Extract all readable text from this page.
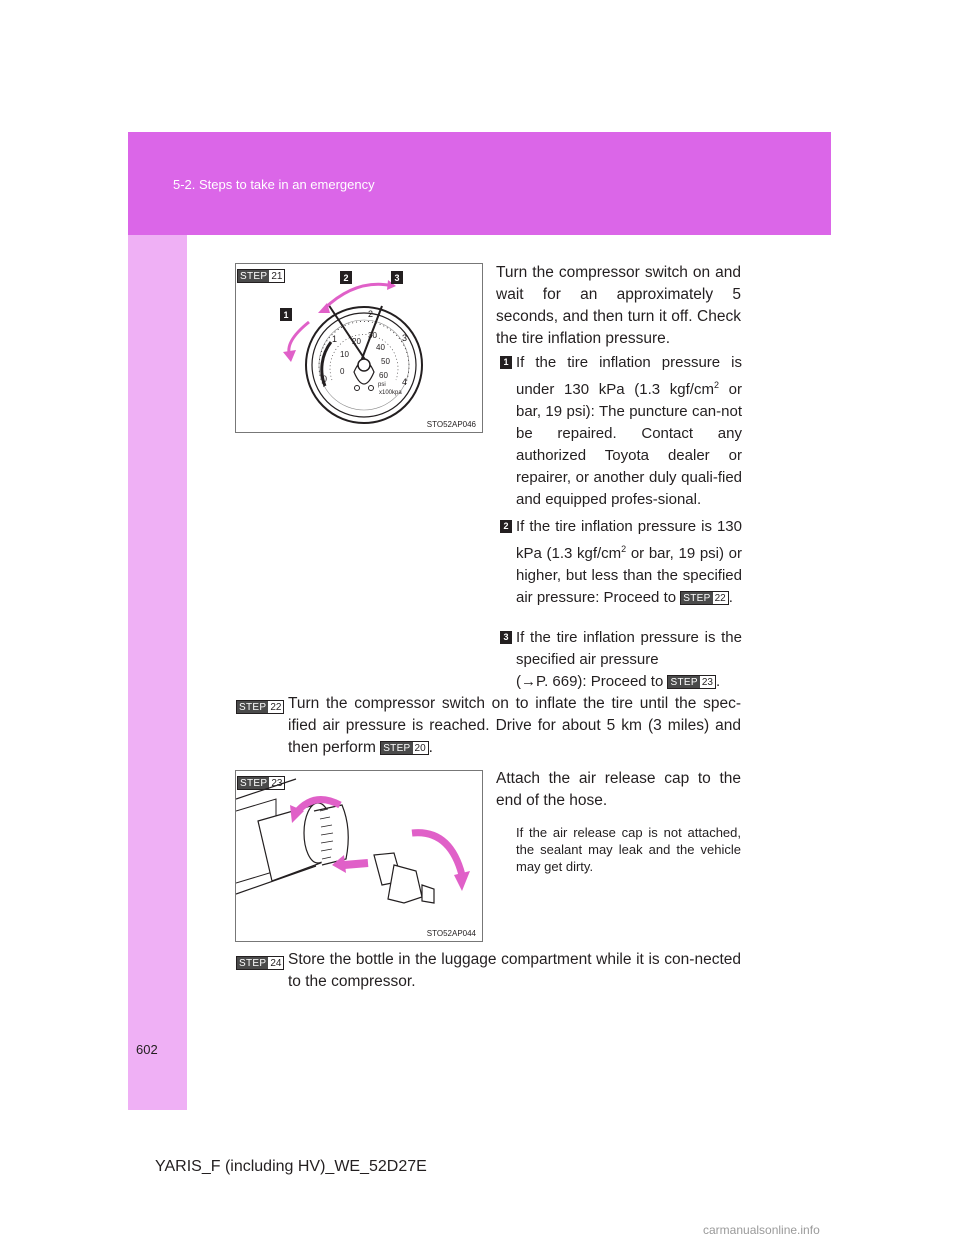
5-2. Steps to take in an emergency
STEP 21
0
1
2
3
4
0
10
20
30
40
50
60
psi
x100kpa
1
2	3
STO52AP046
Turn the compressor switch on and wait for an approximately 5 seconds, and then turn it off. Check the tire inflation pressure.
1 If the tire inflation pressure is under 130 kPa (1.3 kgf/$cm^2$ or bar, 19 psi): The puncture can-not be repaired. Contact any authorized Toyota dealer or repairer, or another duly quali-fied and equipped profes-sional.
2 If the tire inflation pressure is 130 kPa (1.3 kgf/$cm^2$ or bar, 19 psi) or higher, but less than the specified air pressure: Proceed to STEP 22 .
3 If the tire inflation pressure is the specified air pressure
(→P. 669): Proceed to STEP 23 .
STEP 22 Turn the compressor switch on to inflate the tire until the spec-ified air pressure is reached. Drive for about 5 km (3 miles) and then perform STEP 20 .
STEP 23
STO52AP044
Attach the air release cap to the end of the hose.
If the air release cap is not attached, the sealant may leak and the vehicle may get dirty.
STEP 24 Store the bottle in the luggage compartment while it is con-nected to the compressor.
602
YARIS_F (including HV)_WE_52D27E
carmanualsonline.info
